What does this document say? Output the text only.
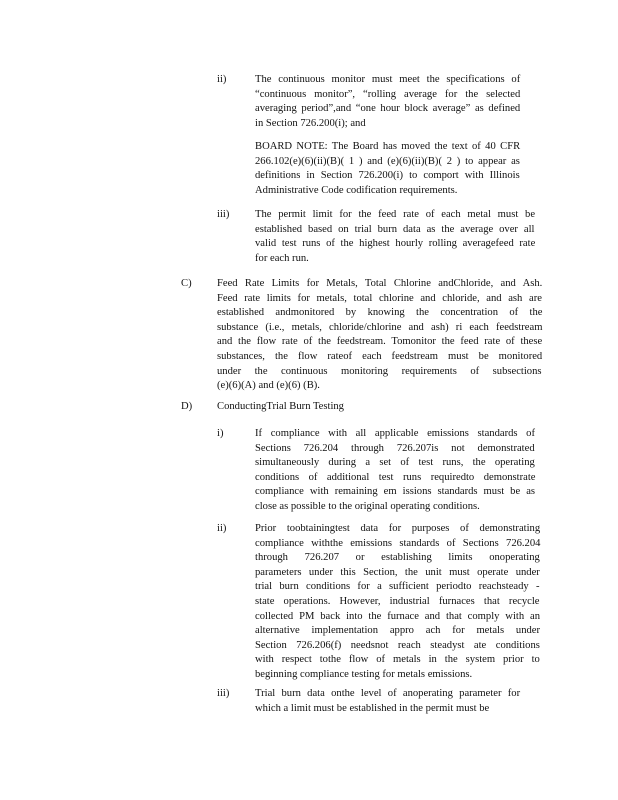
ii)	The continuous monitor must meet the specifications of
“continuous monitor”, “rolling average for the selected
averaging period”,and “one hour block average” as defined
in Section 726.200(i); and
BOARD NOTE: The Board has moved the text of 40 CFR
266.102(e)(6)(ii)(B)( 1 ) and (e)(6)(ii)(B)( 2 ) to appear as
definitions in Section 726.200(i) to comport with Illinois
Administrative Code codification requirements.
iii) The permit limit for the feed rate of each metal must be
established based on trial burn data as the average over all
valid test runs of the highest hourly rolling averagefeed rate
for each run.
C) Feed Rate Limits for Metals, Total Chlorine andChloride, and Ash.
Feed rate limits for metals, total chlorine and chloride, and ash are
established andmonitored by knowing the concentration of the
substance (i.e., metals, chloride/chlorine and ash) ri each feedstream
and the flow rate of the feedstream. Tomonitor the feed rate of these
substances, the flow rateof each feedstream must be monitored
under the continuous monitoring requirements of subsections
(e)(6)(A) and (e)(6) (B).
D) ConductingTrial Burn Testing
i)	If compliance with all applicable emissions standards of
Sections 726.204 through 726.207is not demonstrated
simultaneously during a set of test runs, the operating
conditions of additional test runs requiredto demonstrate
compliance with remaining em issions standards must be as
close as possible to the original operating conditions.
ii)	Prior toobtainingtest data for purposes of demonstrating
compliance withthe emissions standards of Sections 726.204
through 726.207 or establishing limits onoperating
parameters under this Section, the unit must operate under
trial burn conditions for a sufficient periodto reachsteady -
state operations. However, industrial furnaces that recycle
collected PM back into the furnace and that comply with an
alternative implementation appro ach for metals under
Section 726.206(f) needsnot reach steadyst ate conditions
with respect tothe flow of metals in the system prior to
beginning compliance testing for metals emissions.
iii) Trial burn data onthe level of anoperating parameter for
which a limit must be established in the permit must be
